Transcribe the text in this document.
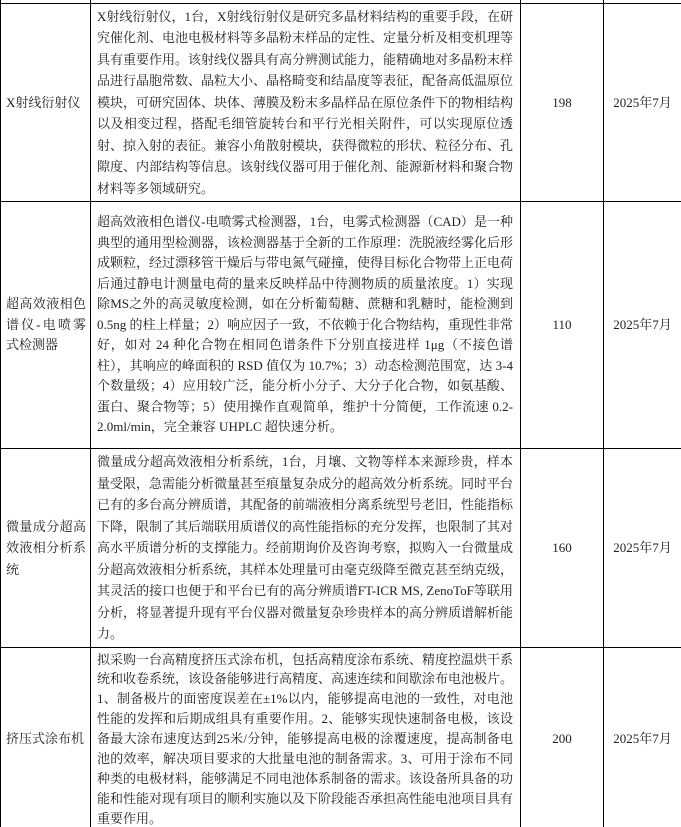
X射线衍射仪	X射线衍射仪，1台，X射线衍射仪是研究多晶材料结构的重要手段，在研究催化剂、电池电极材料等多晶粉末样品的定性、定量分析及相变机理等具有重要作用。该射线仪器具有高分辨测试能力，能精确地对多晶粉末样品进行晶胞常数、晶粒大小、晶格畸变和结晶度等表征，配备高低温原位模块，可研究固体、块体、薄膜及粉末多晶样品在原位条件下的物相结构以及相变过程，搭配毛细管旋转台和平行光相关附件，可以实现原位透射、掠入射的表征。兼容小角散射模块，获得微粒的形状、粒径分布、孔隙度、内部结构等信息。该射线仪器可用于催化剂、能源新材料和聚合物材料等多领域研究。	198	2025年7月
超高效液相色谱仪-电喷雾式检测器	超高效液相色谱仪-电喷雾式检测器，1台，电雾式检测器（CAD）是一种典型的通用型检测器，该检测器基于全新的工作原理：洗脱液经雾化后形成颗粒，经过漂移管干燥后与带电氮气碰撞，使得目标化合物带上正电荷后通过静电计测量电荷的量来反映样品中待测物质的质量浓度。1）实现除MS之外的高灵敏度检测，如在分析葡萄糖、蔗糖和乳糖时，能检测到 0.5ng 的柱上样量；2）响应因子一致，不依赖于化合物结构，重现性非常好，如对 24 种化合物在相同色谱条件下分别直接进样 1μg（不接色谱柱），其响应的峰面积的 RSD 值仅为 10.7%；3）动态检测范围宽，达 3-4 个数量级；4）应用较广泛，能分析小分子、大分子化合物，如氨基酸、蛋白、聚合物等；5）使用操作直观简单，维护十分简便，工作流速 0.2-2.0ml/min，完全兼容 UHPLC 超快速分析。	110	2025年7月
微量成分超高效液相分析系统	微量成分超高效液相分析系统，1台，月壤、文物等样本来源珍贵，样本量受限，急需能分析微量甚至痕量复杂成分的超高效分析系统。同时平台已有的多台高分辨质谱，其配备的前端液相分离系统型号老旧，性能指标下降，限制了其后端联用质谱仪的高性能指标的充分发挥，也限制了其对高水平质谱分析的支撑能力。经前期询价及咨询考察，拟购入一台微量成分超高效液相分析系统，其样本处理量可由毫克级降至微克甚至纳克级，其灵活的接口也便于和平台已有的高分辨质谱FT-ICR MS, ZenoToF等联用分析，将显著提升现有平台仪器对微量复杂珍贵样本的高分辨质谱解析能力。	160	2025年7月
挤压式涂布机	拟采购一台高精度挤压式涂布机，包括高精度涂布系统、精度控温烘干系统和收卷系统，该设备能够进行高精度、高速连续和间歇涂布电池极片。1、制备极片的面密度误差在±1%以内，能够提高电池的一致性，对电池性能的发挥和后期成组具有重要作用。2、能够实现快速制备电极，该设备最大涂布速度达到25米/分钟，能够提高电极的涂覆速度，提高制备电池的效率，解决项目要求的大批量电池的制备需求。3、可用于涂布不同种类的电极材料，能够满足不同电池体系制备的需求。该设备所具备的功能和性能对现有项目的顺利实施以及下阶段能否承担高性能电池项目具有重要作用。	200	2025年7月
